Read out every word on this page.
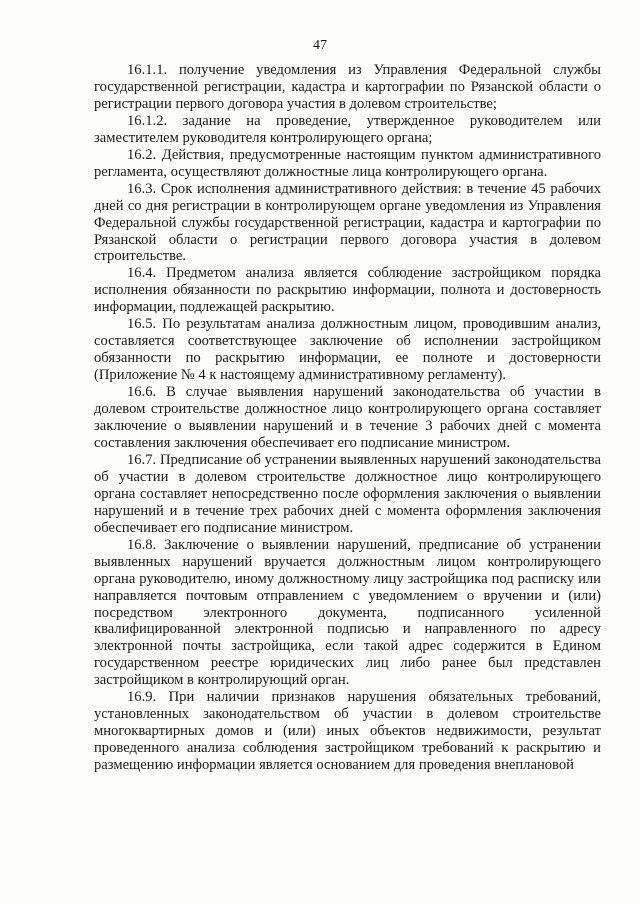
47

16.1.1. получение уведомления из Управления Федеральной службы государственной регистрации, кадастра и картографии по Рязанской области о регистрации первого договора участия в долевом строительстве;

16.1.2. задание на проведение, утвержденное руководителем или заместителем руководителя контролирующего органа;

16.2. Действия, предусмотренные настоящим пунктом административного регламента, осуществляют должностные лица контролирующего органа.

16.3. Срок исполнения административного действия: в течение 45 рабочих дней со дня регистрации в контролирующем органе уведомления из Управления Федеральной службы государственной регистрации, кадастра и картографии по Рязанской области о регистрации первого договора участия в долевом строительстве.

16.4. Предметом анализа является соблюдение застройщиком порядка исполнения обязанности по раскрытию информации, полнота и достоверность информации, подлежащей раскрытию.

16.5. По результатам анализа должностным лицом, проводившим анализ, составляется соответствующее заключение об исполнении застройщиком обязанности по раскрытию информации, ее полноте и достоверности (Приложение № 4 к настоящему административному регламенту).

16.6. В случае выявления нарушений законодательства об участии в долевом строительстве должностное лицо контролирующего органа составляет заключение о выявлении нарушений и в течение 3 рабочих дней с момента составления заключения обеспечивает его подписание министром.

16.7. Предписание об устранении выявленных нарушений законодательства об участии в долевом строительстве должностное лицо контролирующего органа составляет непосредственно после оформления заключения о выявлении нарушений и в течение трех рабочих дней с момента оформления заключения обеспечивает его подписание министром.

16.8. Заключение о выявлении нарушений, предписание об устранении выявленных нарушений вручается должностным лицом контролирующего органа руководителю, иному должностному лицу застройщика под расписку или направляется почтовым отправлением с уведомлением о вручении и (или) посредством электронного документа, подписанного усиленной квалифицированной электронной подписью и направленного по адресу электронной почты застройщика, если такой адрес содержится в Едином государственном реестре юридических лиц либо ранее был представлен застройщиком в контролирующий орган.

16.9. При наличии признаков нарушения обязательных требований, установленных законодательством об участии в долевом строительстве многоквартирных домов и (или) иных объектов недвижимости, результат проведенного анализа соблюдения застройщиком требований к раскрытию и размещению информации является основанием для проведения внеплановой
